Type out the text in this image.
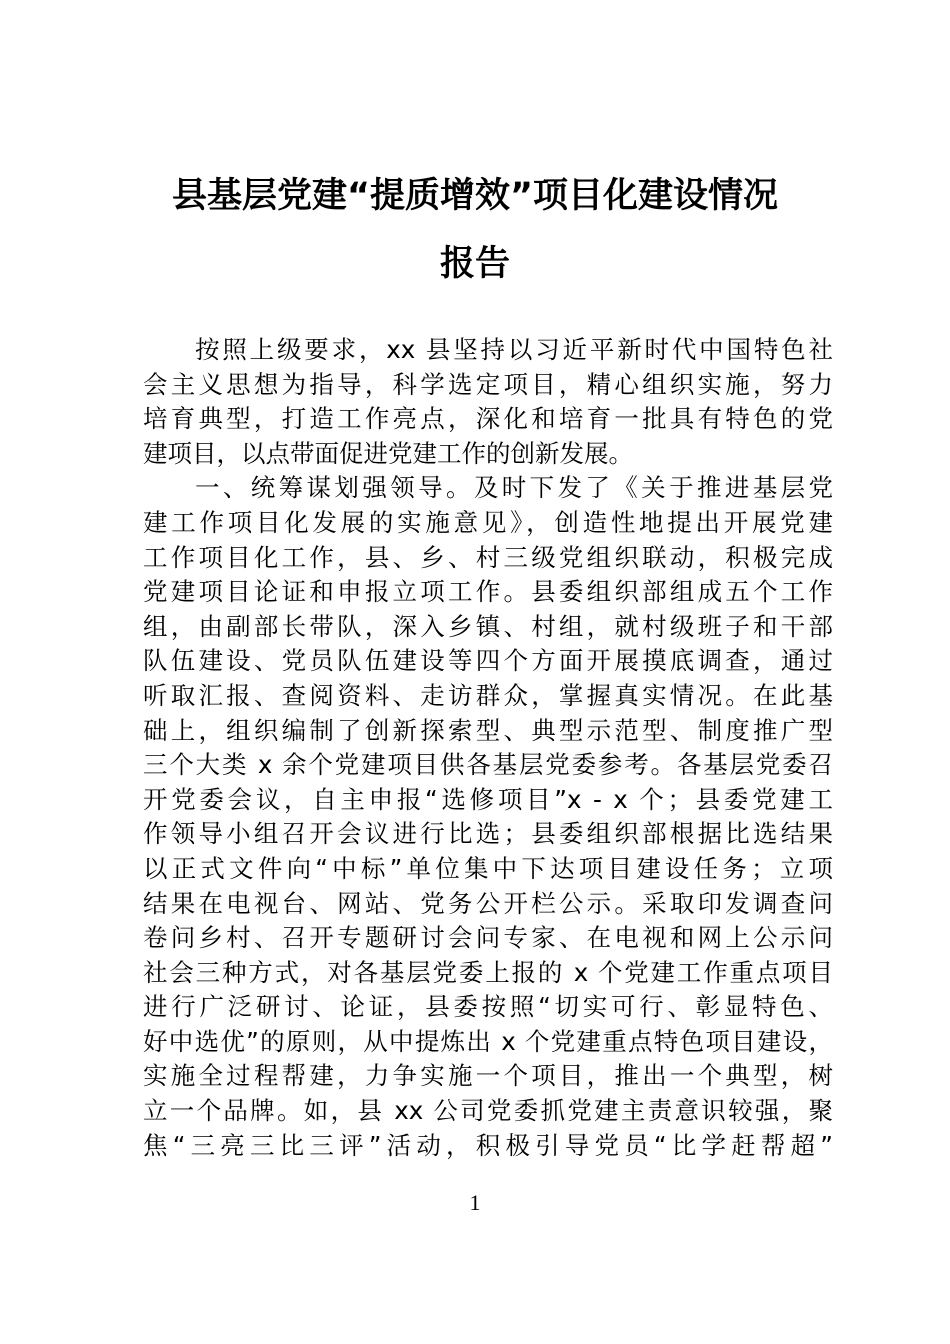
县基层党建“提质增效”项目化建设情况
报告
按照上级要求，xx 县坚持以习近平新时代中国特色社
会主义思想为指导，科学选定项目，精心组织实施，努力
培育典型，打造工作亮点，深化和培育一批具有特色的党
建项目，以点带面促进党建工作的创新发展。
一、统筹谋划强领导。及时下发了《关于推进基层党
建工作项目化发展的实施意见》，创造性地提出开展党建
工作项目化工作，县、乡、村三级党组织联动，积极完成
党建项目论证和申报立项工作。县委组织部组成五个工作
组，由副部长带队，深入乡镇、村组，就村级班子和干部
队伍建设、党员队伍建设等四个方面开展摸底调查，通过
听取汇报、查阅资料、走访群众，掌握真实情况。在此基
础上，组织编制了创新探索型、典型示范型、制度推广型
三个大类 x 余个党建项目供各基层党委参考。各基层党委召
开党委会议，自主申报“选修项目”x - x 个；县委党建工
作领导小组召开会议进行比选；县委组织部根据比选结果
以正式文件向“中标”单位集中下达项目建设任务；立项
结果在电视台、网站、党务公开栏公示。采取印发调查问
卷问乡村、召开专题研讨会问专家、在电视和网上公示问
社会三种方式，对各基层党委上报的 x 个党建工作重点项目
进行广泛研讨、论证，县委按照“切实可行、彰显特色、
好中选优”的原则，从中提炼出 x 个党建重点特色项目建设，
实施全过程帮建，力争实施一个项目，推出一个典型，树
立一个品牌。如，县 xx 公司党委抓党建主责意识较强，聚
焦“三亮三比三评”活动，积极引导党员“比学赶帮超”
1
